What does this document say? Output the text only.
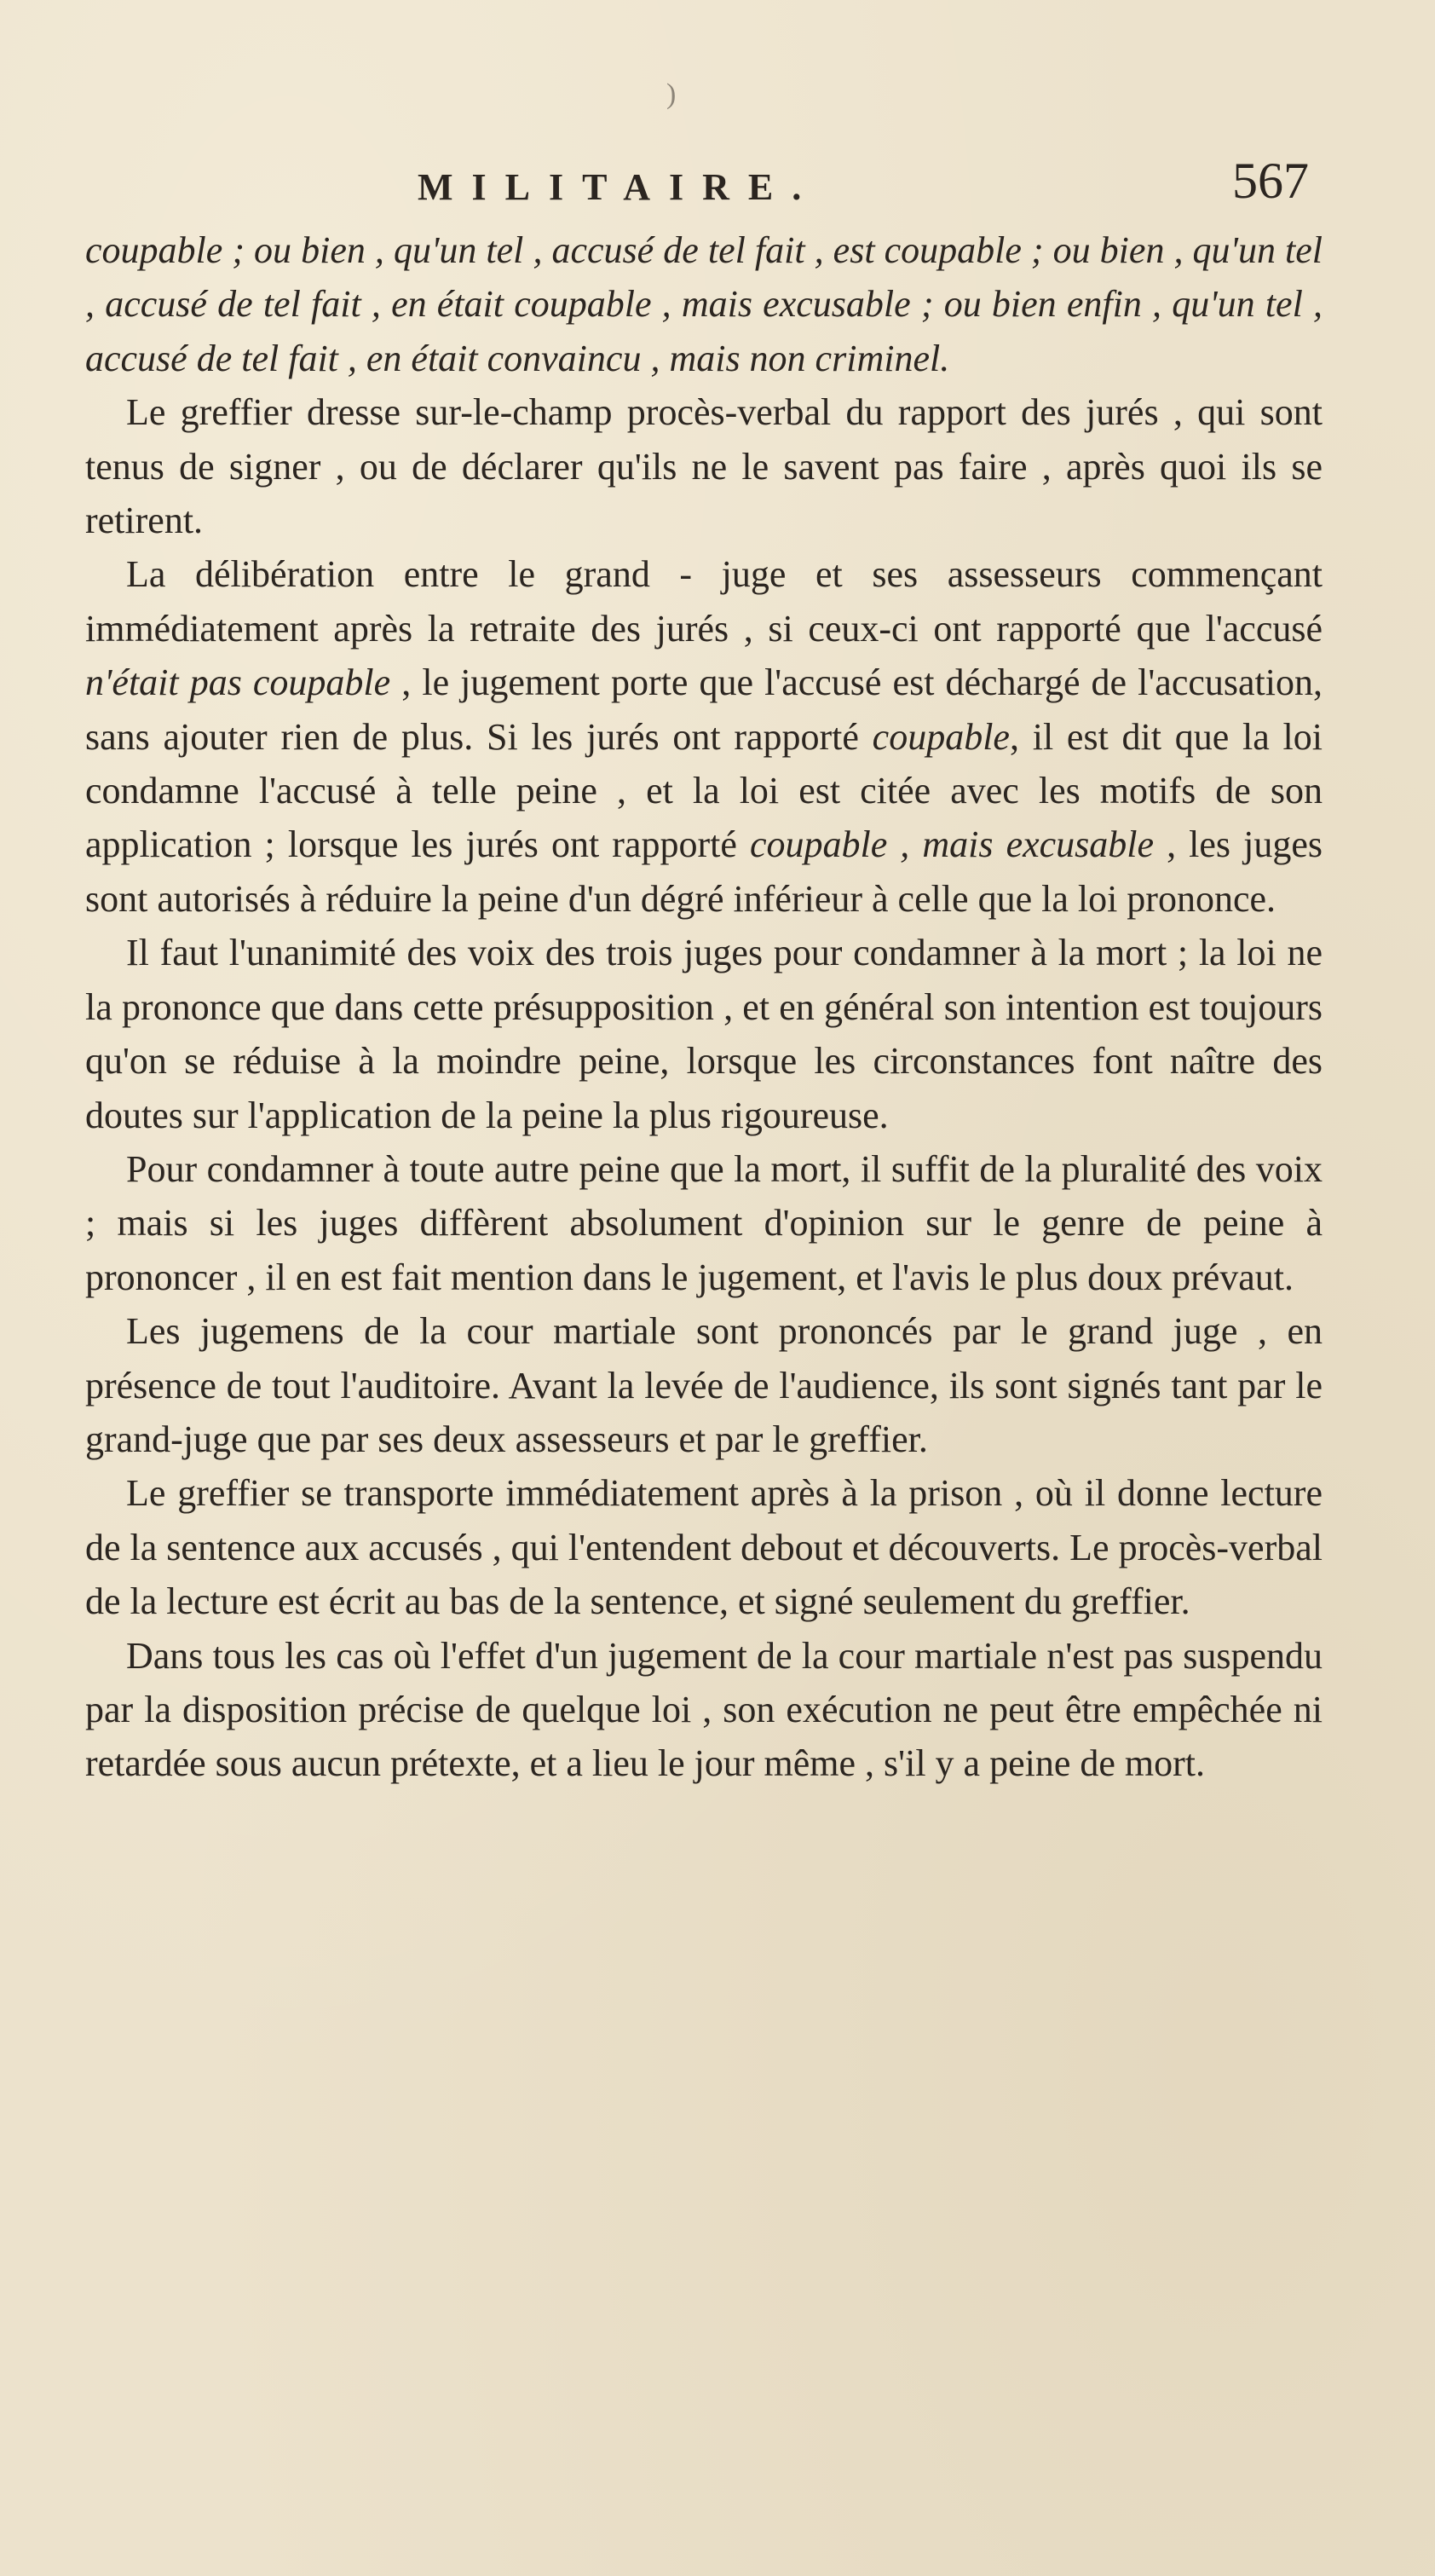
)
MILITAIRE.	567

coupable ; ou bien , qu'un tel , accusé de tel fait , est coupable ; ou bien , qu'un tel , accusé de tel fait , en était coupable , mais excusable ; ou bien enfin , qu'un tel , accusé de tel fait , en était convaincu , mais non criminel.

Le greffier dresse sur-le-champ procès-verbal du rapport des jurés , qui sont tenus de signer , ou de déclarer qu'ils ne le savent pas faire , après quoi ils se retirent.

La délibération entre le grand - juge et ses assesseurs commençant immédiatement après la retraite des jurés , si ceux-ci ont rapporté que l'accusé n'était pas coupable , le jugement porte que l'accusé est déchargé de l'accusation, sans ajouter rien de plus. Si les jurés ont rapporté coupable, il est dit que la loi condamne l'accusé à telle peine , et la loi est citée avec les motifs de son application ; lorsque les jurés ont rapporté coupable , mais excusable , les juges sont autorisés à réduire la peine d'un dégré inférieur à celle que la loi prononce.

Il faut l'unanimité des voix des trois juges pour condamner à la mort ; la loi ne la prononce que dans cette présupposition , et en général son intention est toujours qu'on se réduise à la moindre peine, lorsque les circonstances font naître des doutes sur l'application de la peine la plus rigoureuse.

Pour condamner à toute autre peine que la mort, il suffit de la pluralité des voix ; mais si les juges diffèrent absolument d'opinion sur le genre de peine à prononcer , il en est fait mention dans le jugement, et l'avis le plus doux prévaut.

Les jugemens de la cour martiale sont prononcés par le grand juge , en présence de tout l'auditoire. Avant la levée de l'audience, ils sont signés tant par le grand-juge que par ses deux assesseurs et par le greffier.

Le greffier se transporte immédiatement après à la prison , où il donne lecture de la sentence aux accusés , qui l'entendent debout et découverts. Le procès-verbal de la lecture est écrit au bas de la sentence, et signé seulement du greffier.

Dans tous les cas où l'effet d'un jugement de la cour martiale n'est pas suspendu par la disposition précise de quelque loi , son exécution ne peut être empêchée ni retardée sous aucun prétexte, et a lieu le jour même , s'il y a peine de mort.
